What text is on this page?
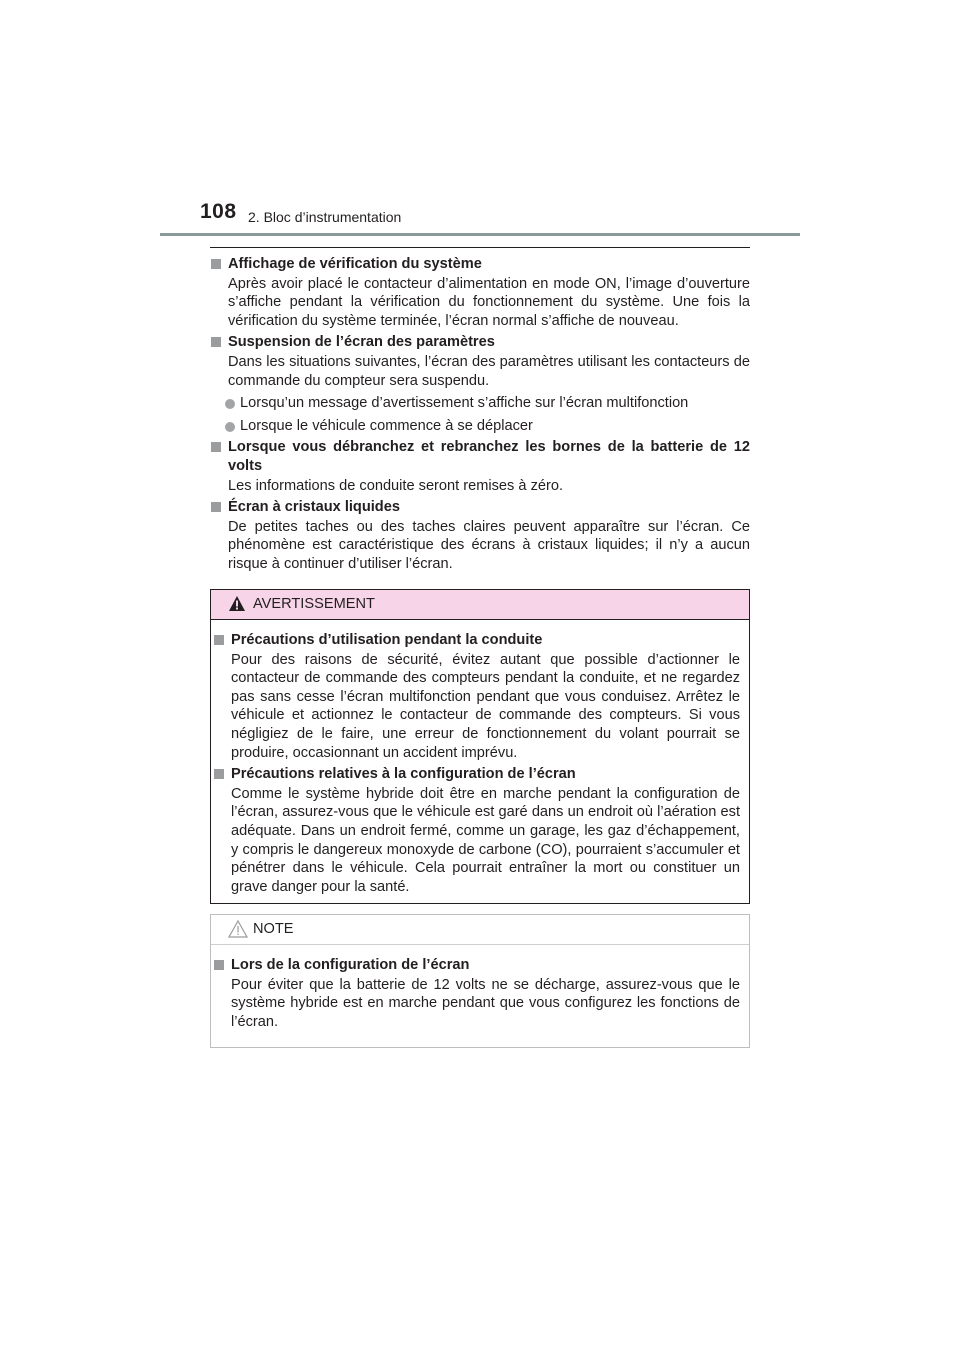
108 2. Bloc d’instrumentation
Affichage de vérification du système
Après avoir placé le contacteur d’alimentation en mode ON, l’image d’ouverture s’affiche pendant la vérification du fonctionnement du système. Une fois la vérification du système terminée, l’écran normal s’affiche de nouveau.
Suspension de l’écran des paramètres
Dans les situations suivantes, l’écran des paramètres utilisant les contacteurs de commande du compteur sera suspendu.
Lorsqu’un message d’avertissement s’affiche sur l’écran multifonction
Lorsque le véhicule commence à se déplacer
Lorsque vous débranchez et rebranchez les bornes de la batterie de 12 volts
Les informations de conduite seront remises à zéro.
Écran à cristaux liquides
De petites taches ou des taches claires peuvent apparaître sur l’écran. Ce phénomène est caractéristique des écrans à cristaux liquides; il n’y a aucun risque à continuer d’utiliser l’écran.
AVERTISSEMENT
Précautions d’utilisation pendant la conduite
Pour des raisons de sécurité, évitez autant que possible d’actionner le contacteur de commande des compteurs pendant la conduite, et ne regardez pas sans cesse l’écran multifonction pendant que vous conduisez. Arrêtez le véhicule et actionnez le contacteur de commande des compteurs. Si vous négligiez de le faire, une erreur de fonctionnement du volant pourrait se produire, occasionnant un accident imprévu.
Précautions relatives à la configuration de l’écran
Comme le système hybride doit être en marche pendant la configuration de l’écran, assurez-vous que le véhicule est garé dans un endroit où l’aération est adéquate. Dans un endroit fermé, comme un garage, les gaz d’échappement, y compris le dangereux monoxyde de carbone (CO), pourraient s’accumuler et pénétrer dans le véhicule. Cela pourrait entraîner la mort ou constituer un grave danger pour la santé.
NOTE
Lors de la configuration de l’écran
Pour éviter que la batterie de 12 volts ne se décharge, assurez-vous que le système hybride est en marche pendant que vous configurez les fonctions de l’écran.
